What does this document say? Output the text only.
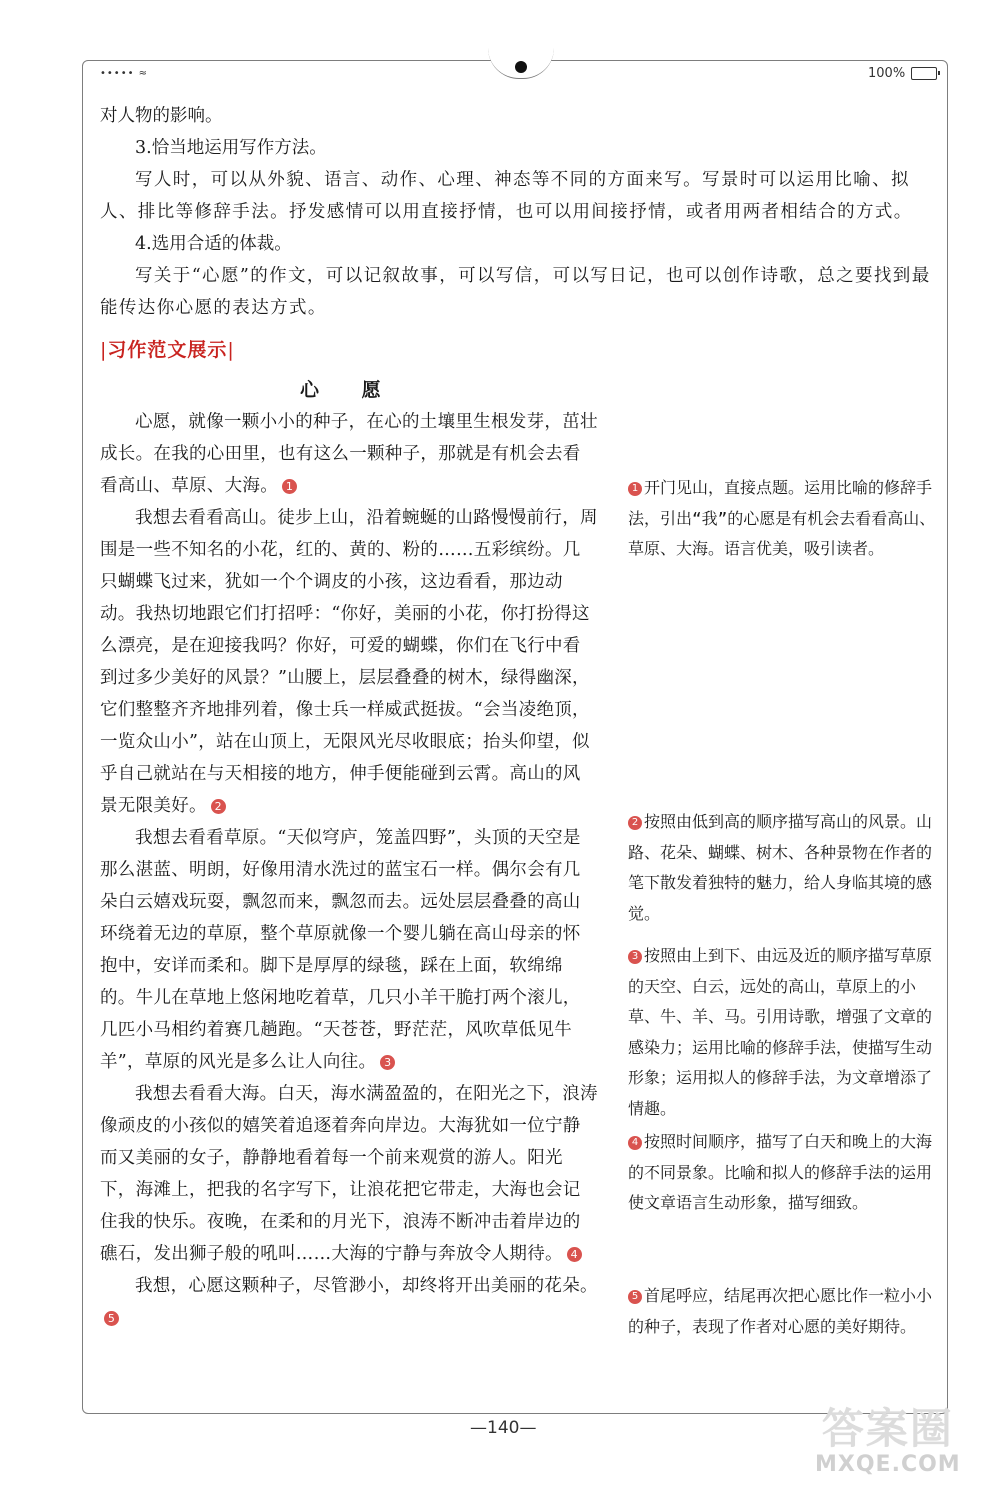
••••• ≈	100%

对人物的影响。

3.恰当地运用写作方法。

写人时，可以从外貌、语言、动作、心理、神态等不同的方面来写。写景时可以运用比喻、拟人、排比等修辞手法。抒发感情可以用直接抒情，也可以用间接抒情，或者用两者相结合的方式。

4.选用合适的体裁。

写关于“心愿”的作文，可以记叙故事，可以写信，可以写日记，也可以创作诗歌，总之要找到最能传达你心愿的表达方式。

|习作范文展示|
心 愿

心愿，就像一颗小小的种子，在心的土壤里生根发芽，茁壮成长。在我的心田里，也有这么一颗种子，那就是有机会去看看高山、草原、大海。 1

我想去看看高山。徒步上山，沿着蜿蜒的山路慢慢前行，周围是一些不知名的小花，红的、黄的、粉的……五彩缤纷。几只蝴蝶飞过来，犹如一个个调皮的小孩，这边看看，那边动动。我热切地跟它们打招呼：“你好，美丽的小花，你打扮得这么漂亮，是在迎接我吗？你好，可爱的蝴蝶，你们在飞行中看到过多少美好的风景？”山腰上，层层叠叠的树木，绿得幽深，它们整整齐齐地排列着，像士兵一样威武挺拔。“会当凌绝顶，一览众山小”，站在山顶上，无限风光尽收眼底；抬头仰望，似乎自己就站在与天相接的地方，伸手便能碰到云霄。高山的风景无限美好。 2

我想去看看草原。“天似穹庐，笼盖四野”，头顶的天空是那么湛蓝、明朗，好像用清水洗过的蓝宝石一样。偶尔会有几朵白云嬉戏玩耍，飘忽而来，飘忽而去。远处层层叠叠的高山环绕着无边的草原，整个草原就像一个婴儿躺在高山母亲的怀抱中，安详而柔和。脚下是厚厚的绿毯，踩在上面，软绵绵的。牛儿在草地上悠闲地吃着草，几只小羊干脆打两个滚儿，几匹小马相约着赛几趟跑。“天苍苍，野茫茫，风吹草低见牛羊”，草原的风光是多么让人向往。 3

我想去看看大海。白天，海水满盈盈的，在阳光之下，浪涛像顽皮的小孩似的嬉笑着追逐着奔向岸边。大海犹如一位宁静而又美丽的女子，静静地看着每一个前来观赏的游人。阳光下，海滩上，把我的名字写下，让浪花把它带走，大海也会记住我的快乐。夜晚，在柔和的月光下，浪涛不断冲击着岸边的礁石，发出狮子般的吼叫……大海的宁静与奔放令人期待。 4

我想，心愿这颗种子，尽管渺小，却终将开出美丽的花朵。5

1 开门见山，直接点题。运用比喻的修辞手法，引出“我”的心愿是有机会去看看高山、草原、大海。语言优美，吸引读者。
2 按照由低到高的顺序描写高山的风景。山路、花朵、蝴蝶、树木、各种景物在作者的笔下散发着独特的魅力，给人身临其境的感觉。
3 按照由上到下、由远及近的顺序描写草原的天空、白云，远处的高山，草原上的小草、牛、羊、马。引用诗歌，增强了文章的感染力；运用比喻的修辞手法，使描写生动形象；运用拟人的修辞手法，为文章增添了情趣。
4 按照时间顺序，描写了白天和晚上的大海的不同景象。比喻和拟人的修辞手法的运用使文章语言生动形象，描写细致。
5 首尾呼应，结尾再次把心愿比作一粒小小的种子，表现了作者对心愿的美好期待。
—140—	答案圈
MXQE.COM
